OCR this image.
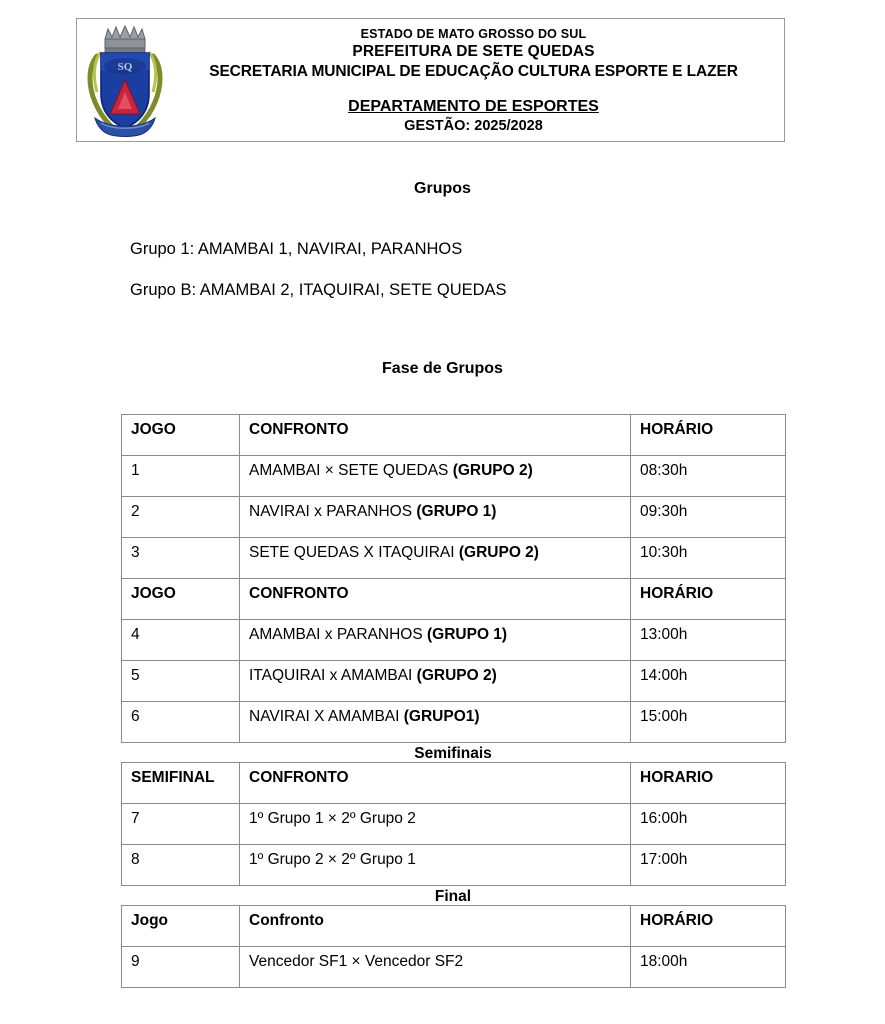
SQ
ESTADO DE MATO GROSSO DO SUL
PREFEITURA DE SETE QUEDAS
SECRETARIA MUNICIPAL DE EDUCAÇÃO CULTURA ESPORTE E LAZER
DEPARTAMENTO DE ESPORTES
GESTÃO: 2025/2028
Grupos
Grupo 1: AMAMBAI 1, NAVIRAI, PARANHOS
Grupo B: AMAMBAI 2, ITAQUIRAI, SETE QUEDAS
Fase de Grupos
JOGO	CONFRONTO	HORÁRIO
1	AMAMBAI × SETE QUEDAS (GRUPO 2)	08:30h
2	NAVIRAI x PARANHOS (GRUPO 1)	09:30h
3	SETE QUEDAS X ITAQUIRAI (GRUPO 2)	10:30h
JOGO	CONFRONTO	HORÁRIO
4	AMAMBAI x PARANHOS (GRUPO 1)	13:00h
5	ITAQUIRAI x AMAMBAI (GRUPO 2)	14:00h
6	NAVIRAI X AMAMBAI (GRUPO1)	15:00h
Semifinais
SEMIFINAL	CONFRONTO	HORARIO
7	1º Grupo 1 × 2º Grupo 2	16:00h
8	1º Grupo 2 × 2º Grupo 1	17:00h
Final
Jogo	Confronto	HORÁRIO
9	Vencedor SF1 × Vencedor SF2	18:00h
